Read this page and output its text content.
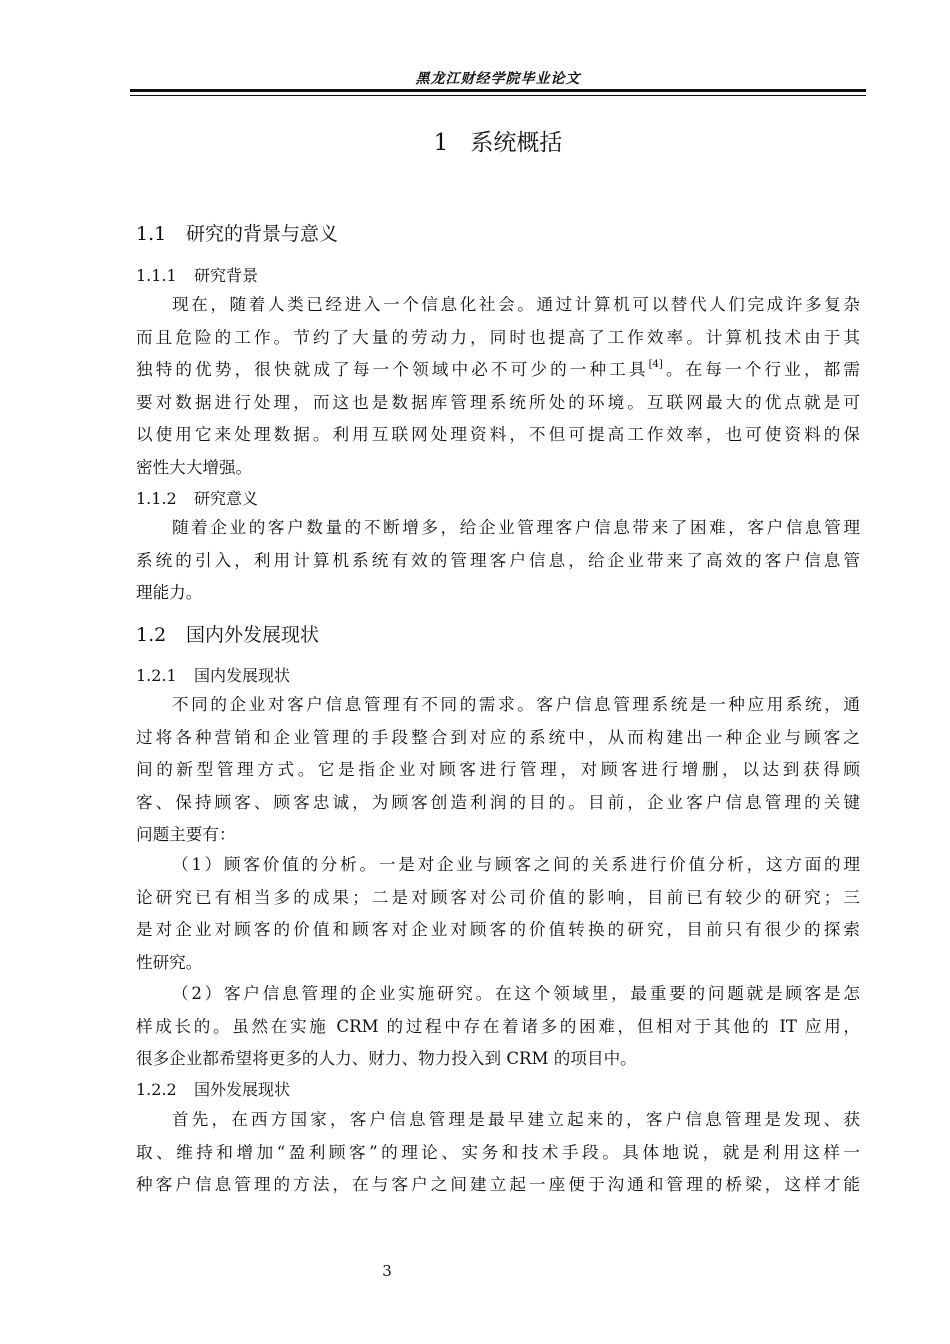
黑龙江财经学院毕业论文
1 系统概括
1.1 研究的背景与意义
1.1.1 研究背景
现在，随着人类已经进入一个信息化社会。通过计算机可以替代人们完成许多复杂
而且危险的工作。节约了大量的劳动力，同时也提高了工作效率。计算机技术由于其
独特的优势，很快就成了每一个领域中必不可少的一种工具[4]。在每一个行业，都需
要对数据进行处理，而这也是数据库管理系统所处的环境。互联网最大的优点就是可
以使用它来处理数据。利用互联网处理资料，不但可提高工作效率，也可使资料的保
密性大大增强。
1.1.2 研究意义
随着企业的客户数量的不断增多，给企业管理客户信息带来了困难，客户信息管理
系统的引入，利用计算机系统有效的管理客户信息，给企业带来了高效的客户信息管
理能力。
1.2 国内外发展现状
1.2.1 国内发展现状
不同的企业对客户信息管理有不同的需求。客户信息管理系统是一种应用系统，通
过将各种营销和企业管理的手段整合到对应的系统中，从而构建出一种企业与顾客之
间的新型管理方式。它是指企业对顾客进行管理，对顾客进行增删，以达到获得顾
客、保持顾客、顾客忠诚，为顾客创造利润的目的。目前，企业客户信息管理的关键
问题主要有：
（1）顾客价值的分析。一是对企业与顾客之间的关系进行价值分析，这方面的理
论研究已有相当多的成果；二是对顾客对公司价值的影响，目前已有较少的研究；三
是对企业对顾客的价值和顾客对企业对顾客的价值转换的研究，目前只有很少的探索
性研究。
（2）客户信息管理的企业实施研究。在这个领域里，最重要的问题就是顾客是怎
样成长的。虽然在实施 CRM 的过程中存在着诸多的困难，但相对于其他的 IT 应用，
很多企业都希望将更多的人力、财力、物力投入到 CRM 的项目中。
1.2.2 国外发展现状
首先，在西方国家，客户信息管理是最早建立起来的，客户信息管理是发现、获
取、维持和增加“盈利顾客”的理论、实务和技术手段。具体地说，就是利用这样一
种客户信息管理的方法，在与客户之间建立起一座便于沟通和管理的桥梁，这样才能
3
